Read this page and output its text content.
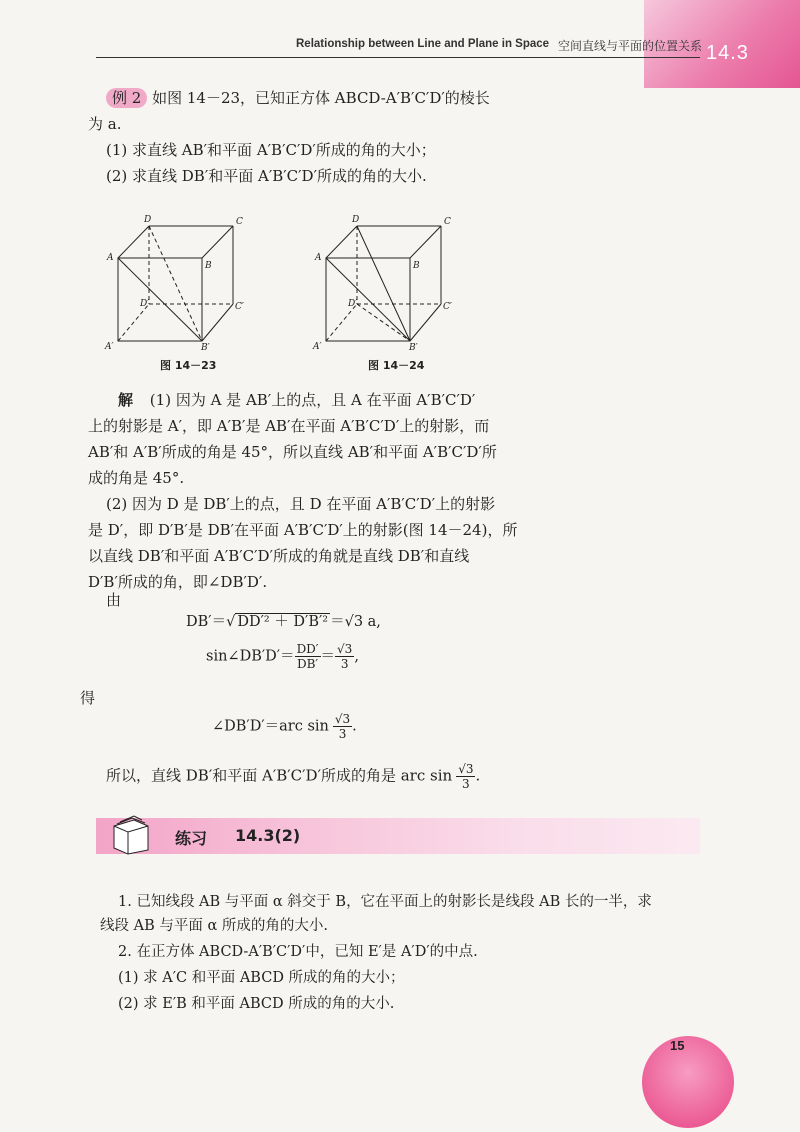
14.3
Relationship between Line and Plane in Space 空间直线与平面的位置关系
例 2 如图 14－23，已知正方体 ABCD-A′B′C′D′的棱长
为 a.
(1) 求直线 AB′和平面 A′B′C′D′所成的角的大小；
(2) 求直线 DB′和平面 A′B′C′D′所成的角的大小.
D	C
A
B
D′	C′
A′	B′
图 14－23
D	C
A
B
D′	C′
A′	B′
图 14－24
解 (1) 因为 A 是 AB′上的点，且 A 在平面 A′B′C′D′
上的射影是 A′，即 A′B′是 AB′在平面 A′B′C′D′上的射影，而
AB′和 A′B′所成的角是 45°，所以直线 AB′和平面 A′B′C′D′所
成的角是 45°.
(2) 因为 D 是 DB′上的点，且 D 在平面 A′B′C′D′上的射影
是 D′，即 D′B′是 DB′在平面 A′B′C′D′上的射影(图 14－24)，所
以直线 DB′和平面 A′B′C′D′所成的角就是直线 DB′和直线
D′B′所成的角，即∠DB′D′.
由
DB′＝√ DD′² ＋ D′B′² ＝√3 a,
sin∠DB′D′＝ $\frac{DD'}{DB'} = \frac{√3}{3}$ ,
得
∠DB′D′＝arc $\sin \frac{√3}{3}$ .
所以，直线 DB′和平面 A′B′C′D′所成的角是 arc $\sin \frac{√3}{3}$ .
练习 14.3(2)
1. 已知线段 AB 与平面 α 斜交于 B，它在平面上的射影长是线段 AB 长的一半，求
线段 AB 与平面 α 所成的角的大小.
2. 在正方体 ABCD-A′B′C′D′中，已知 E′是 A′D′的中点.
(1) 求 A′C 和平面 ABCD 所成的角的大小；
(2) 求 E′B 和平面 ABCD 所成的角的大小.
15
